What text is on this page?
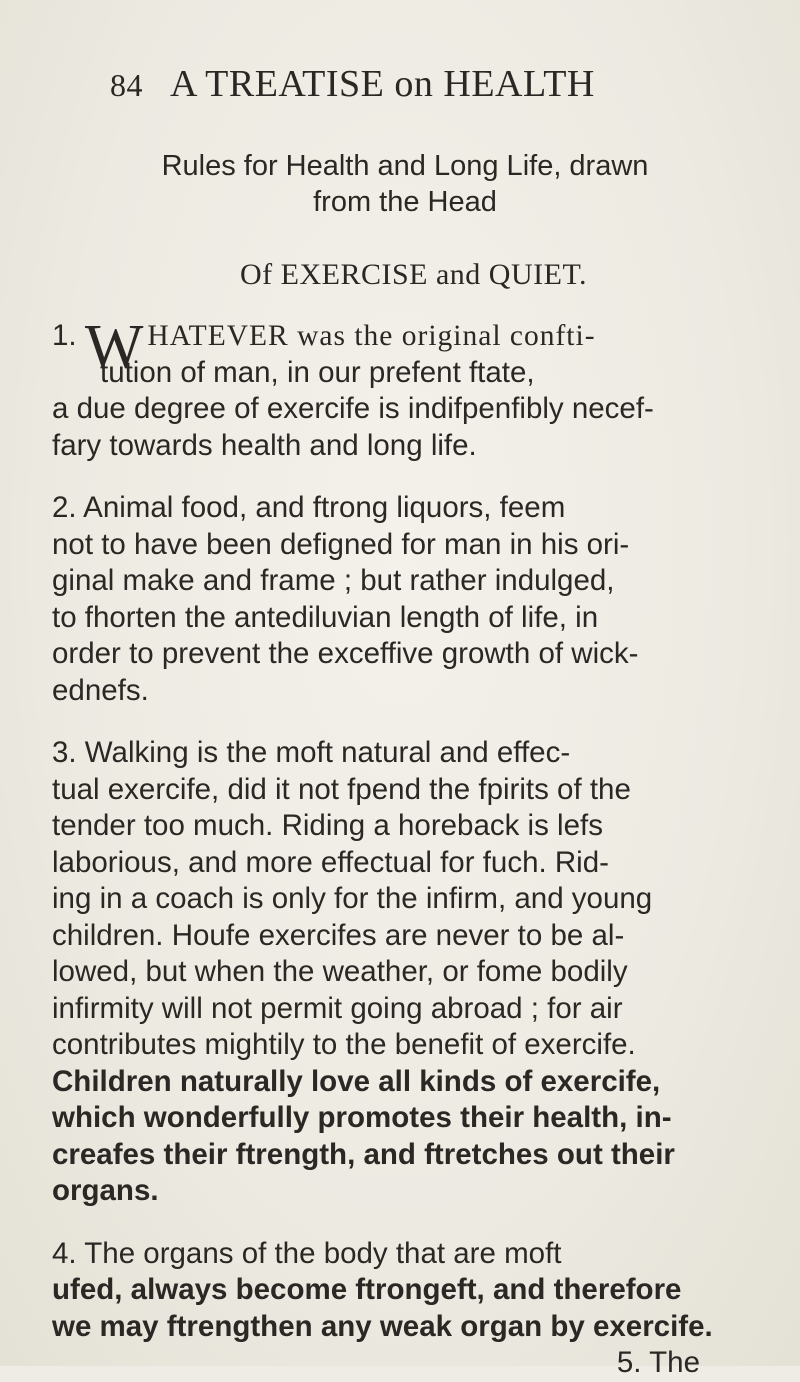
84 A TREATISE on HEALTH
Rules for Health and Long Life, drawn
from the Head
Of EXERCISE and QUIET.
1. W HATEVER was the original confti-
tution of man, in our prefent ftate,
a due degree of exercife is indifpenfibly necef-
fary towards health and long life.
2. Animal food, and ftrong liquors, feem
not to have been defigned for man in his ori-
ginal make and frame ; but rather indulged,
to fhorten the antediluvian length of life, in
order to prevent the exceffive growth of wick-
ednefs.
3. Walking is the moft natural and effec-
tual exercife, did it not fpend the fpirits of the
tender too much. Riding a horeback is lefs
laborious, and more effectual for fuch. Rid-
ing in a coach is only for the infirm, and young
children. Houfe exercifes are never to be al-
lowed, but when the weather, or fome bodily
infirmity will not permit going abroad ; for air
contributes mightily to the benefit of exercife.
Children naturally love all kinds of exercife,
which wonderfully promotes their health, in-
creafes their ftrength, and ftretches out their
organs.
4. The organs of the body that are moft
ufed, always become ftrongeft, and therefore
we may ftrengthen any weak organ by exercife.
5. The
